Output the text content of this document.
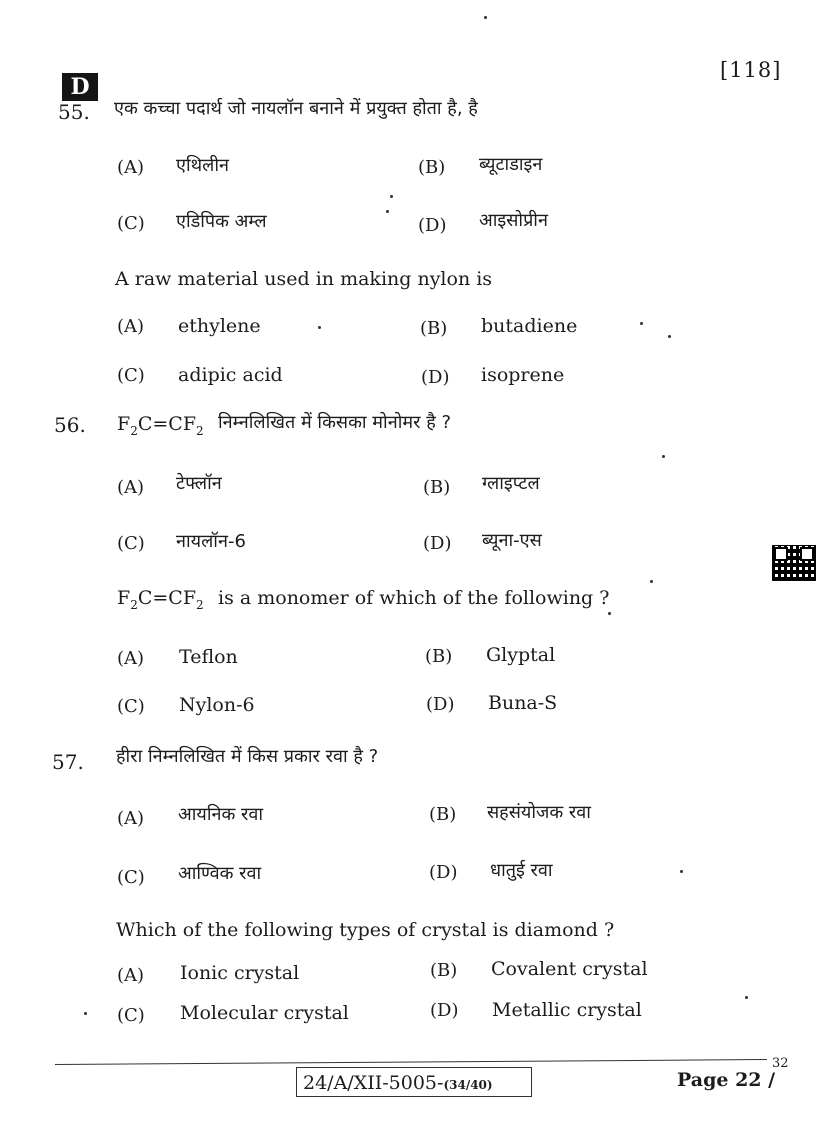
D
[118]
55. एक कच्चा पदार्थ जो नायलॉन बनाने में प्रयुक्त होता है, है
(A) एथिलीन	(B) ब्यूटाडाइन
(C) एडिपिक अम्ल	(D) आइसोप्रीन
A raw material used in making nylon is
(A) ethylene	(B) butadiene
(C) adipic acid	(D) isoprene
56. $F_2C=CF_2$ निम्नलिखित में किसका मोनोमर है ?
(A) टेफ्लॉन	(B) ग्लाइप्टल
(C) नायलॉन-6	(D) ब्यूना-एस
$F_2C=CF_2$ is a monomer of which of the following ?
(A) Teflon	(B) Glyptal
(C) Nylon-6	(D) Buna-S
57. हीरा निम्नलिखित में किस प्रकार रवा है ?
(A) आयनिक रवा	(B) सहसंयोजक रवा
(C) आण्विक रवा	(D) धातुई रवा
Which of the following types of crystal is diamond ?
(A) Ionic crystal	(B) Covalent crystal
(C) Molecular crystal	(D) Metallic crystal
24/A/XII-5005-(34/40)	Page 22 /
32
